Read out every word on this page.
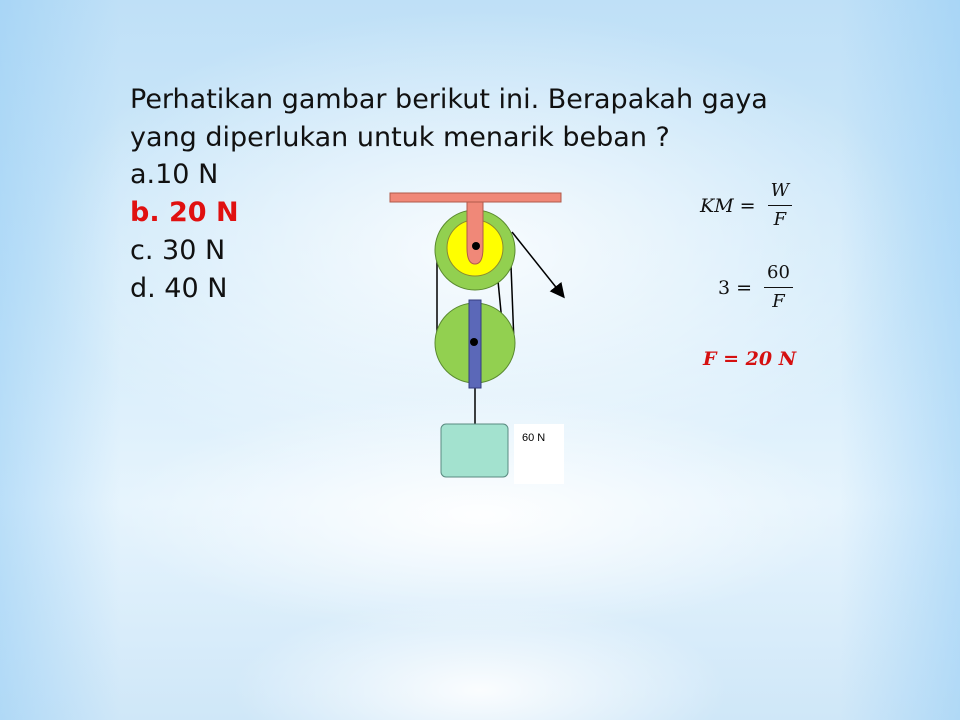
Perhatikan gambar berikut ini. Berapakah gaya
yang diperlukan untuk menarik beban ?
a.10 N
b. 20 N
c. 30 N
d. 40 N
60 N
KM = $\frac{W}{F}$
$3 = \frac{60}{F}$
F = 20 N
